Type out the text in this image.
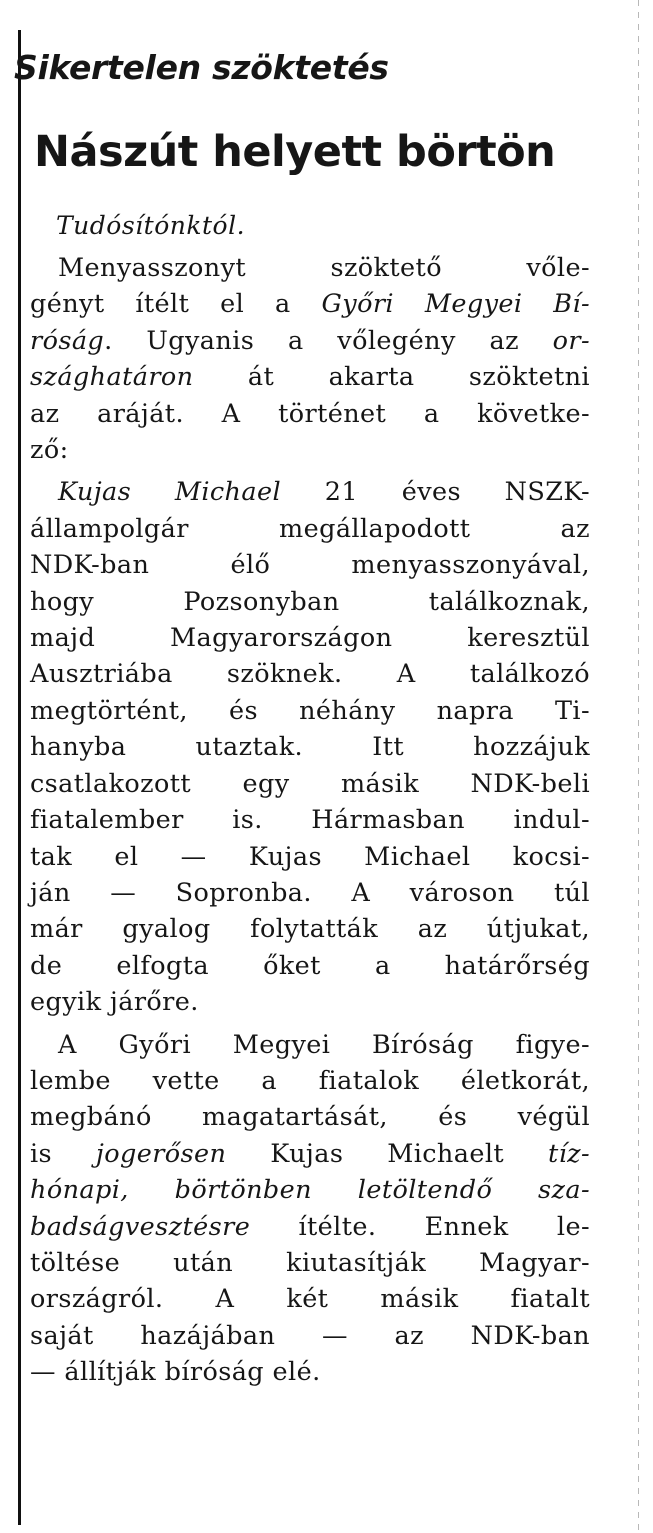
Sikertelen szöktetés
Nászút helyett börtön
Tudósítónktól.
Menyasszonyt szöktető vőle-
gényt ítélt el a Győri Megyei Bí-
róság. Ugyanis a vőlegény az or-
szághatáron át akarta szöktetni
az aráját. A történet a követke-
ző:
Kujas Michael 21 éves NSZK-
állampolgár megállapodott az
NDK-ban élő menyasszonyával,
hogy Pozsonyban találkoznak,
majd Magyarországon keresztül
Ausztriába szöknek. A találkozó
megtörtént, és néhány napra Ti-
hanyba utaztak. Itt hozzájuk
csatlakozott egy másik NDK-beli
fiatalember is. Hármasban indul-
tak el — Kujas Michael kocsi-
ján — Sopronba. A városon túl
már gyalog folytatták az útjukat,
de elfogta őket a határőrség
egyik járőre.
A Győri Megyei Bíróság figye-
lembe vette a fiatalok életkorát,
megbánó magatartását, és végül
is jogerősen Kujas Michaelt tíz-
hónapi, börtönben letöltendő sza-
badságvesztésre ítélte. Ennek le-
töltése után kiutasítják Magyar-
országról. A két másik fiatalt
saját hazájában — az NDK-ban
— állítják bíróság elé.
